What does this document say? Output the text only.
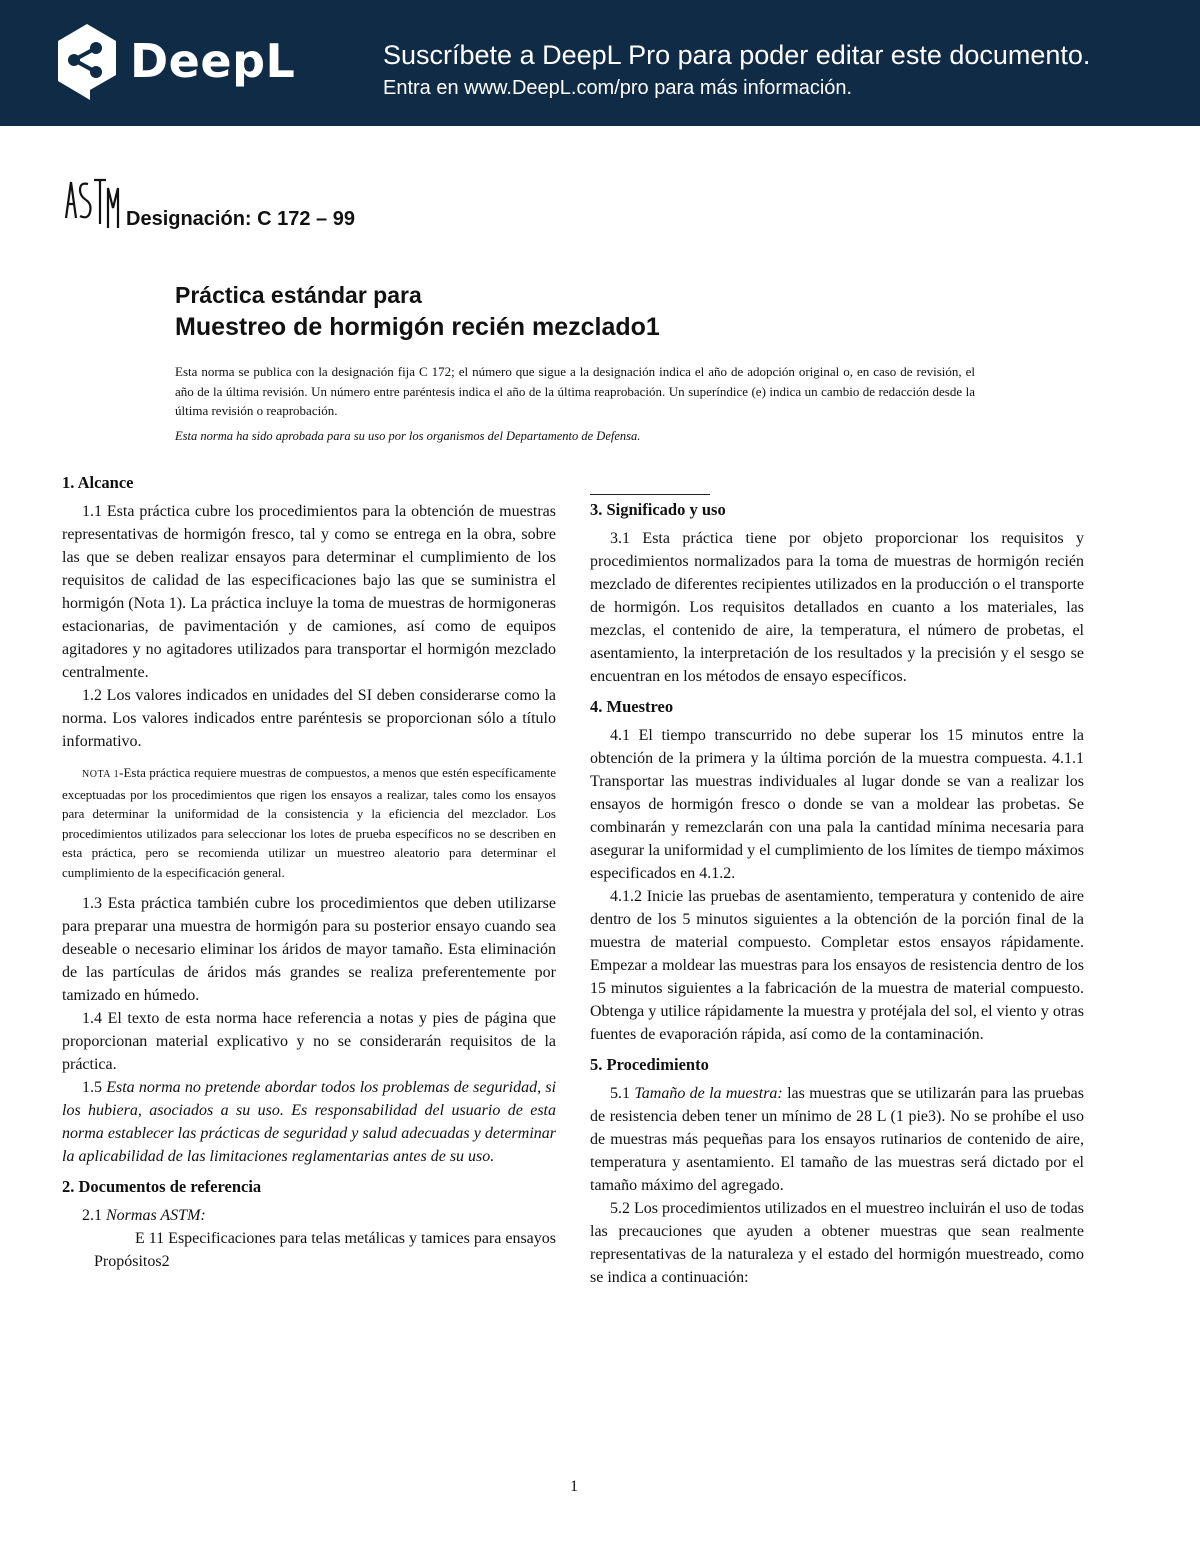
DeepL	Suscríbete a DeepL Pro para poder editar este documento.
Entra en www.DeepL.com/pro para más información.
Designación: C 172 – 99
Práctica estándar para
Muestreo de hormigón recién mezclado1
Esta norma se publica con la designación fija C 172; el número que sigue a la designación indica el año de adopción original o, en caso de revisión, el año de la última revisión. Un número entre paréntesis indica el año de la última reaprobación. Un superíndice (e) indica un cambio de redacción desde la última revisión o reaprobación.
Esta norma ha sido aprobada para su uso por los organismos del Departamento de Defensa.
1. Alcance

1.1 Esta práctica cubre los procedimientos para la obtención de muestras representativas de hormigón fresco, tal y como se entrega en la obra, sobre las que se deben realizar ensayos para determinar el cumplimiento de los requisitos de calidad de las especificaciones bajo las que se suministra el hormigón (Nota 1). La práctica incluye la toma de muestras de hormigoneras estacionarias, de pavimentación y de camiones, así como de equipos agitadores y no agitadores utilizados para transportar el hormigón mezclado centralmente.

1.2 Los valores indicados en unidades del SI deben considerarse como la norma. Los valores indicados entre paréntesis se proporcionan sólo a título informativo.

NOTA 1-Esta práctica requiere muestras de compuestos, a menos que estén específicamente exceptuadas por los procedimientos que rigen los ensayos a realizar, tales como los ensayos para determinar la uniformidad de la consistencia y la eficiencia del mezclador. Los procedimientos utilizados para seleccionar los lotes de prueba específicos no se describen en esta práctica, pero se recomienda utilizar un muestreo aleatorio para determinar el cumplimiento de la especificación general.

1.3 Esta práctica también cubre los procedimientos que deben utilizarse para preparar una muestra de hormigón para su posterior ensayo cuando sea deseable o necesario eliminar los áridos de mayor tamaño. Esta eliminación de las partículas de áridos más grandes se realiza preferentemente por tamizado en húmedo.

1.4 El texto de esta norma hace referencia a notas y pies de página que proporcionan material explicativo y no se considerarán requisitos de la práctica.

1.5 Esta norma no pretende abordar todos los problemas de seguridad, si los hubiera, asociados a su uso. Es responsabilidad del usuario de esta norma establecer las prácticas de seguridad y salud adecuadas y determinar la aplicabilidad de las limitaciones reglamentarias antes de su uso.

2. Documentos de referencia

2.1 Normas ASTM:

E 11 Especificaciones para telas metálicas y tamices para ensayos
Propósitos2
3. Significado y uso

3.1 Esta práctica tiene por objeto proporcionar los requisitos y procedimientos normalizados para la toma de muestras de hormigón recién mezclado de diferentes recipientes utilizados en la producción o el transporte de hormigón. Los requisitos detallados en cuanto a los materiales, las mezclas, el contenido de aire, la temperatura, el número de probetas, el asentamiento, la interpretación de los resultados y la precisión y el sesgo se encuentran en los métodos de ensayo específicos.

4. Muestreo

4.1 El tiempo transcurrido no debe superar los 15 minutos entre la obtención de la primera y la última porción de la muestra compuesta. 4.1.1 Transportar las muestras individuales al lugar donde se van a realizar los ensayos de hormigón fresco o donde se van a moldear las probetas. Se combinarán y remezclarán con una pala la cantidad mínima necesaria para asegurar la uniformidad y el cumplimiento de los límites de tiempo máximos especificados en 4.1.2.

4.1.2 Inicie las pruebas de asentamiento, temperatura y contenido de aire dentro de los 5 minutos siguientes a la obtención de la porción final de la muestra de material compuesto. Completar estos ensayos rápidamente. Empezar a moldear las muestras para los ensayos de resistencia dentro de los 15 minutos siguientes a la fabricación de la muestra de material compuesto. Obtenga y utilice rápidamente la muestra y protéjala del sol, el viento y otras fuentes de evaporación rápida, así como de la contaminación.

5. Procedimiento

5.1 Tamaño de la muestra: las muestras que se utilizarán para las pruebas de resistencia deben tener un mínimo de 28 L (1 pie3). No se prohíbe el uso de muestras más pequeñas para los ensayos rutinarios de contenido de aire, temperatura y asentamiento. El tamaño de las muestras será dictado por el tamaño máximo del agregado.

5.2 Los procedimientos utilizados en el muestreo incluirán el uso de todas las precauciones que ayuden a obtener muestras que sean realmente representativas de la naturaleza y el estado del hormigón muestreado, como se indica a continuación:

1
